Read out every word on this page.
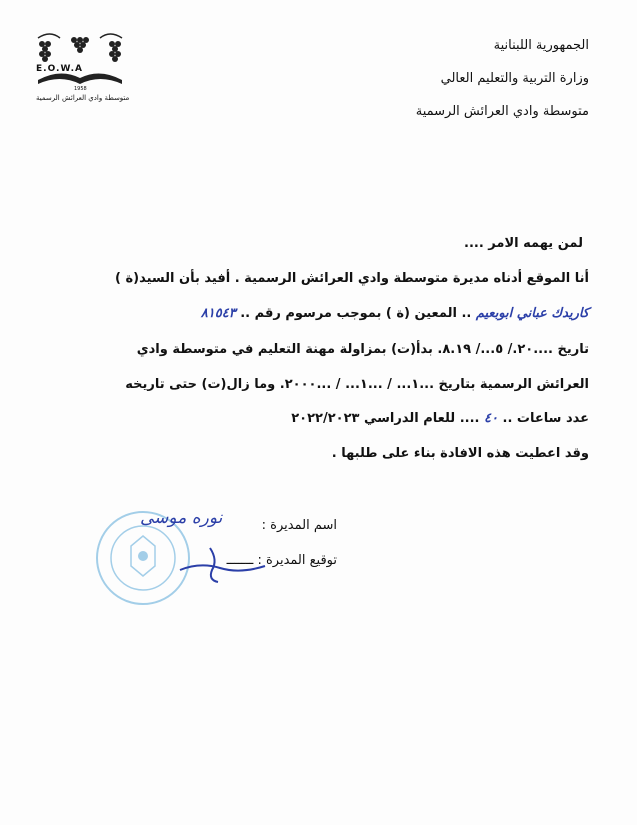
E.O.W.A
متوسطة وادي العرائش الرسمية
1958
الجمهورية اللبنانية
وزارة التربية والتعليم العالي
متوسطة وادي العرائش الرسمية
لمن يهمه الامر ....
أنا الموقع أدناه مديرة متوسطة وادي العرائش الرسمية . أفيد بأن السيد(ة )
كاريدك عباني ابوبعيم .. المعين (ة ) بموجب مرسوم رقم .. ٨١٥٤٣
تاريخ ....٢٠./ ٥.../ ٨.١٩. بدأ(ت) بمزاولة مهنة التعليم في متوسطة وادي
العرائش الرسمية بتاريخ ...١... / ...١... / ...٢٠٠٠. وما زال(ت) حتى تاريخه
عدد ساعات .. ٤٠ .... للعام الدراسي ٢٠٢٢/٢٠٢٣
وقد اعطيت هذه الافادة بناء على طلبها .
اسم المديرة :
توقيع المديرة : ـــــــ
نوره موسى
